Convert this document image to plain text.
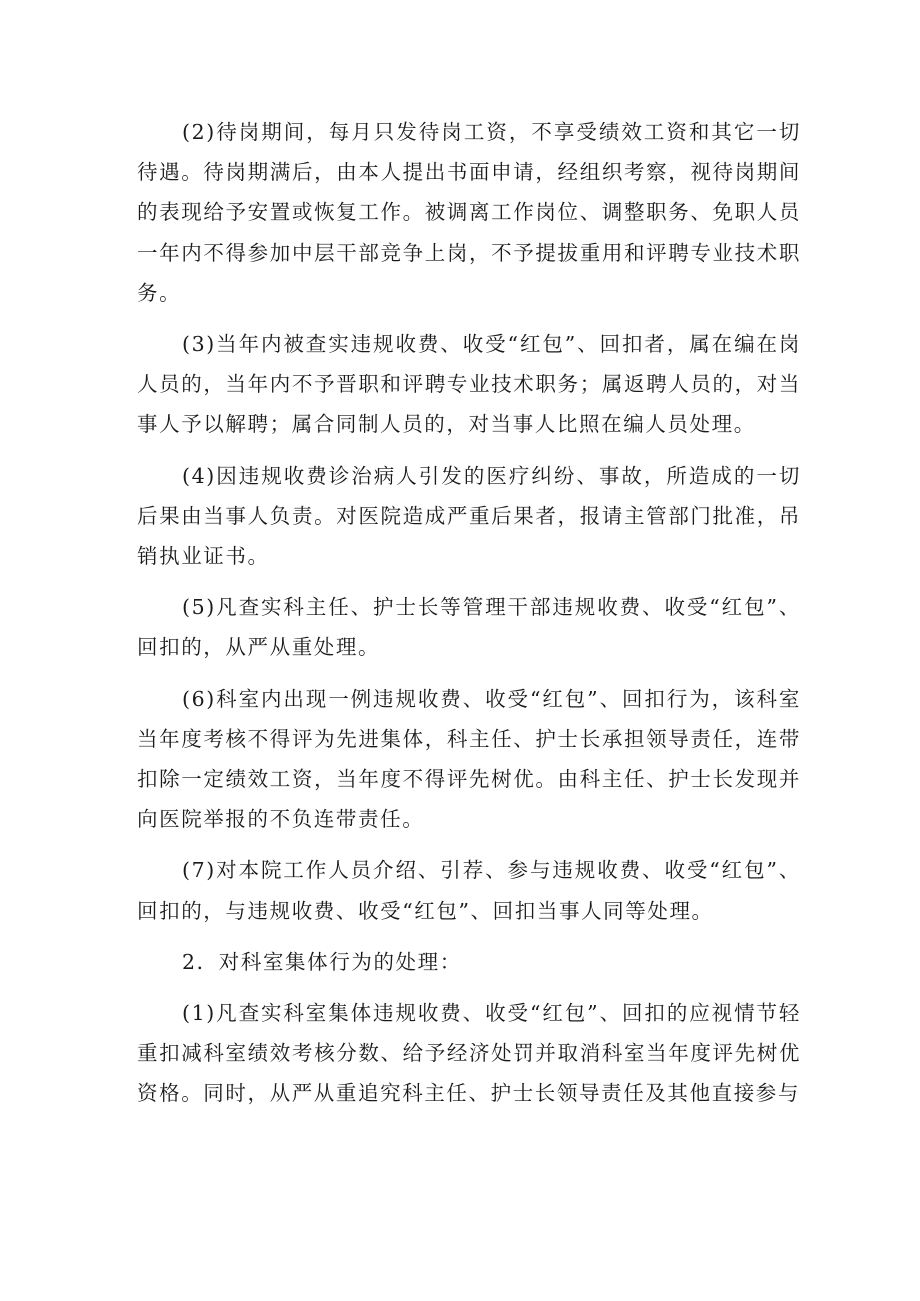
(2)待岗期间，每月只发待岗工资，不享受绩效工资和其它一切待遇。待岗期满后，由本人提出书面申请，经组织考察，视待岗期间的表现给予安置或恢复工作。被调离工作岗位、调整职务、免职人员一年内不得参加中层干部竞争上岗，不予提拔重用和评聘专业技术职务。

(3)当年内被查实违规收费、收受“红包”、回扣者，属在编在岗人员的，当年内不予晋职和评聘专业技术职务；属返聘人员的，对当事人予以解聘；属合同制人员的，对当事人比照在编人员处理。

(4)因违规收费诊治病人引发的医疗纠纷、事故，所造成的一切后果由当事人负责。对医院造成严重后果者，报请主管部门批准，吊销执业证书。

(5)凡查实科主任、护士长等管理干部违规收费、收受“红包”、回扣的，从严从重处理。

(6)科室内出现一例违规收费、收受“红包”、回扣行为，该科室当年度考核不得评为先进集体，科主任、护士长承担领导责任，连带扣除一定绩效工资，当年度不得评先树优。由科主任、护士长发现并向医院举报的不负连带责任。

(7)对本院工作人员介绍、引荐、参与违规收费、收受“红包”、回扣的，与违规收费、收受“红包”、回扣当事人同等处理。

2．对科室集体行为的处理：

(1)凡查实科室集体违规收费、收受“红包”、回扣的应视情节轻重扣减科室绩效考核分数、给予经济处罚并取消科室当年度评先树优资格。同时，从严从重追究科主任、护士长领导责任及其他直接参与
